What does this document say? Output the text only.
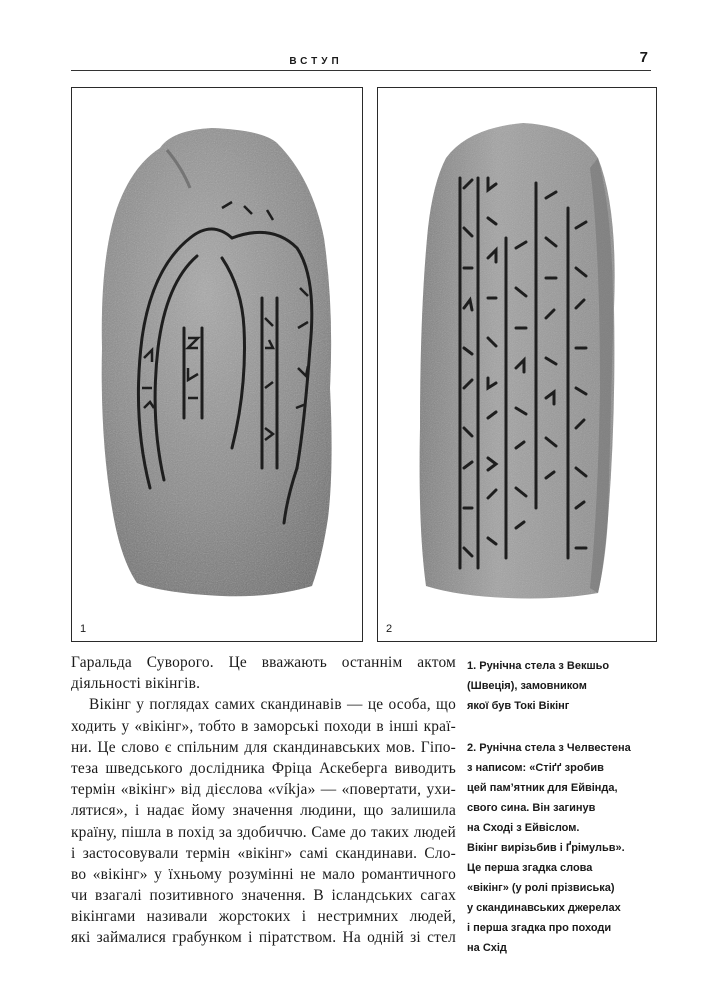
ВСТУП	7
1	2
Гаральда Суворого. Це вважають останнім актом
діяльності вікінгів.
Вікінг у поглядах самих скандинавів — це особа, що
ходить у «вікінг», тобто в заморські походи в інші краї-
ни. Це слово є спільним для скандинавських мов. Гіпо-
теза шведського дослідника Фріца Аскеберга виводить
термін «вікінг» від дієслова «víkja» — «повертати, ухи-
лятися», і надає йому значення людини, що залишила
країну, пішла в похід за здобиччю. Саме до таких людей
і застосовували термін «вікінг» самі скандинави. Сло-
во «вікінг» у їхньому розумінні не мало романтичного
чи взагалі позитивного значення. В ісландських сагах
вікінгами називали жорстоких і нестримних людей,
які займалися грабунком і піратством. На одній зі стел
1. Рунічна стела з Векшьо
(Швеція), замовником
якої був Токі Вікінг
2. Рунічна стела з Челвестена
з написом: «Стіґґ зробив
цей пам’ятник для Ейвінда,
свого сина. Він загинув
на Сході з Ейвіслом.
Вікінг вирізьбив і Ґрімульв».
Це перша згадка слова
«вікінг» (у ролі прізвиська)
у скандинавських джерелах
і перша згадка про походи
на Схід
